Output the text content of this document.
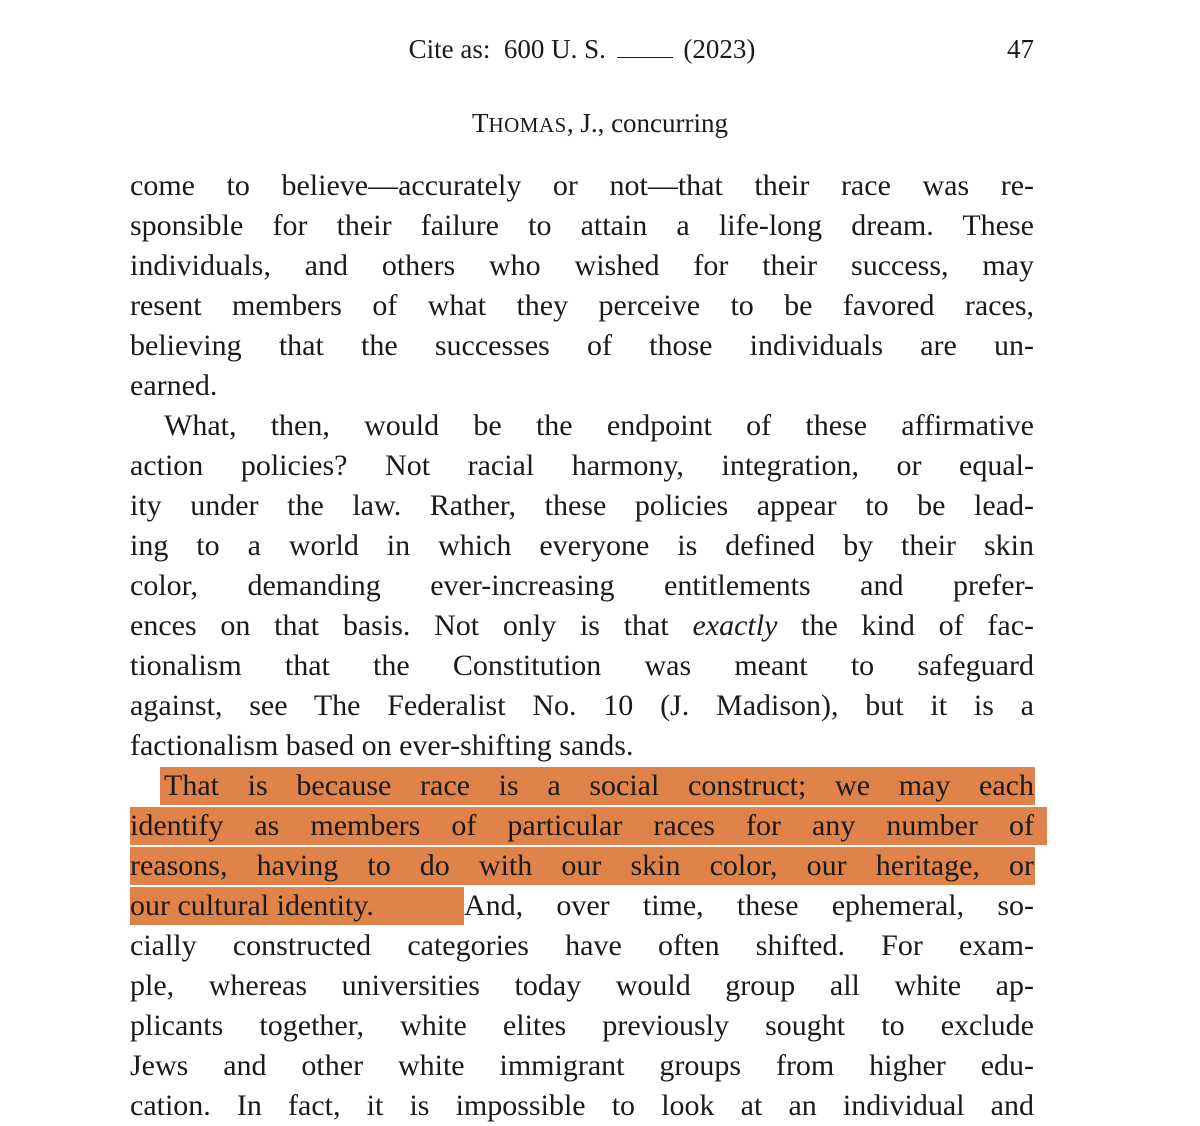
Cite as:  600 U. S.  (2023)	47
THOMAS, J., concurring
come to believe—accurately or not—that their race was re-
sponsible for their failure to attain a life-long dream. These
individuals, and others who wished for their success, may
resent members of what they perceive to be favored races,
believing that the successes of those individuals are un-
earned.
What, then, would be the endpoint of these affirmative
action policies? Not racial harmony, integration, or equal-
ity under the law. Rather, these policies appear to be lead-
ing to a world in which everyone is defined by their skin
color, demanding ever-increasing entitlements and prefer-
ences on that basis. Not only is that exactly the kind of fac-
tionalism that the Constitution was meant to safeguard
against, see The Federalist No. 10 (J. Madison), but it is a
factionalism based on ever-shifting sands.
That is because race is a social construct; we may each
identify as members of particular races for any number of
reasons, having to do with our skin color, our heritage, or
our cultural identity.	And, over time, these ephemeral, so-
cially constructed categories have often shifted. For exam-
ple, whereas universities today would group all white ap-
plicants together, white elites previously sought to exclude
Jews and other white immigrant groups from higher edu-
cation. In fact, it is impossible to look at an individual and
